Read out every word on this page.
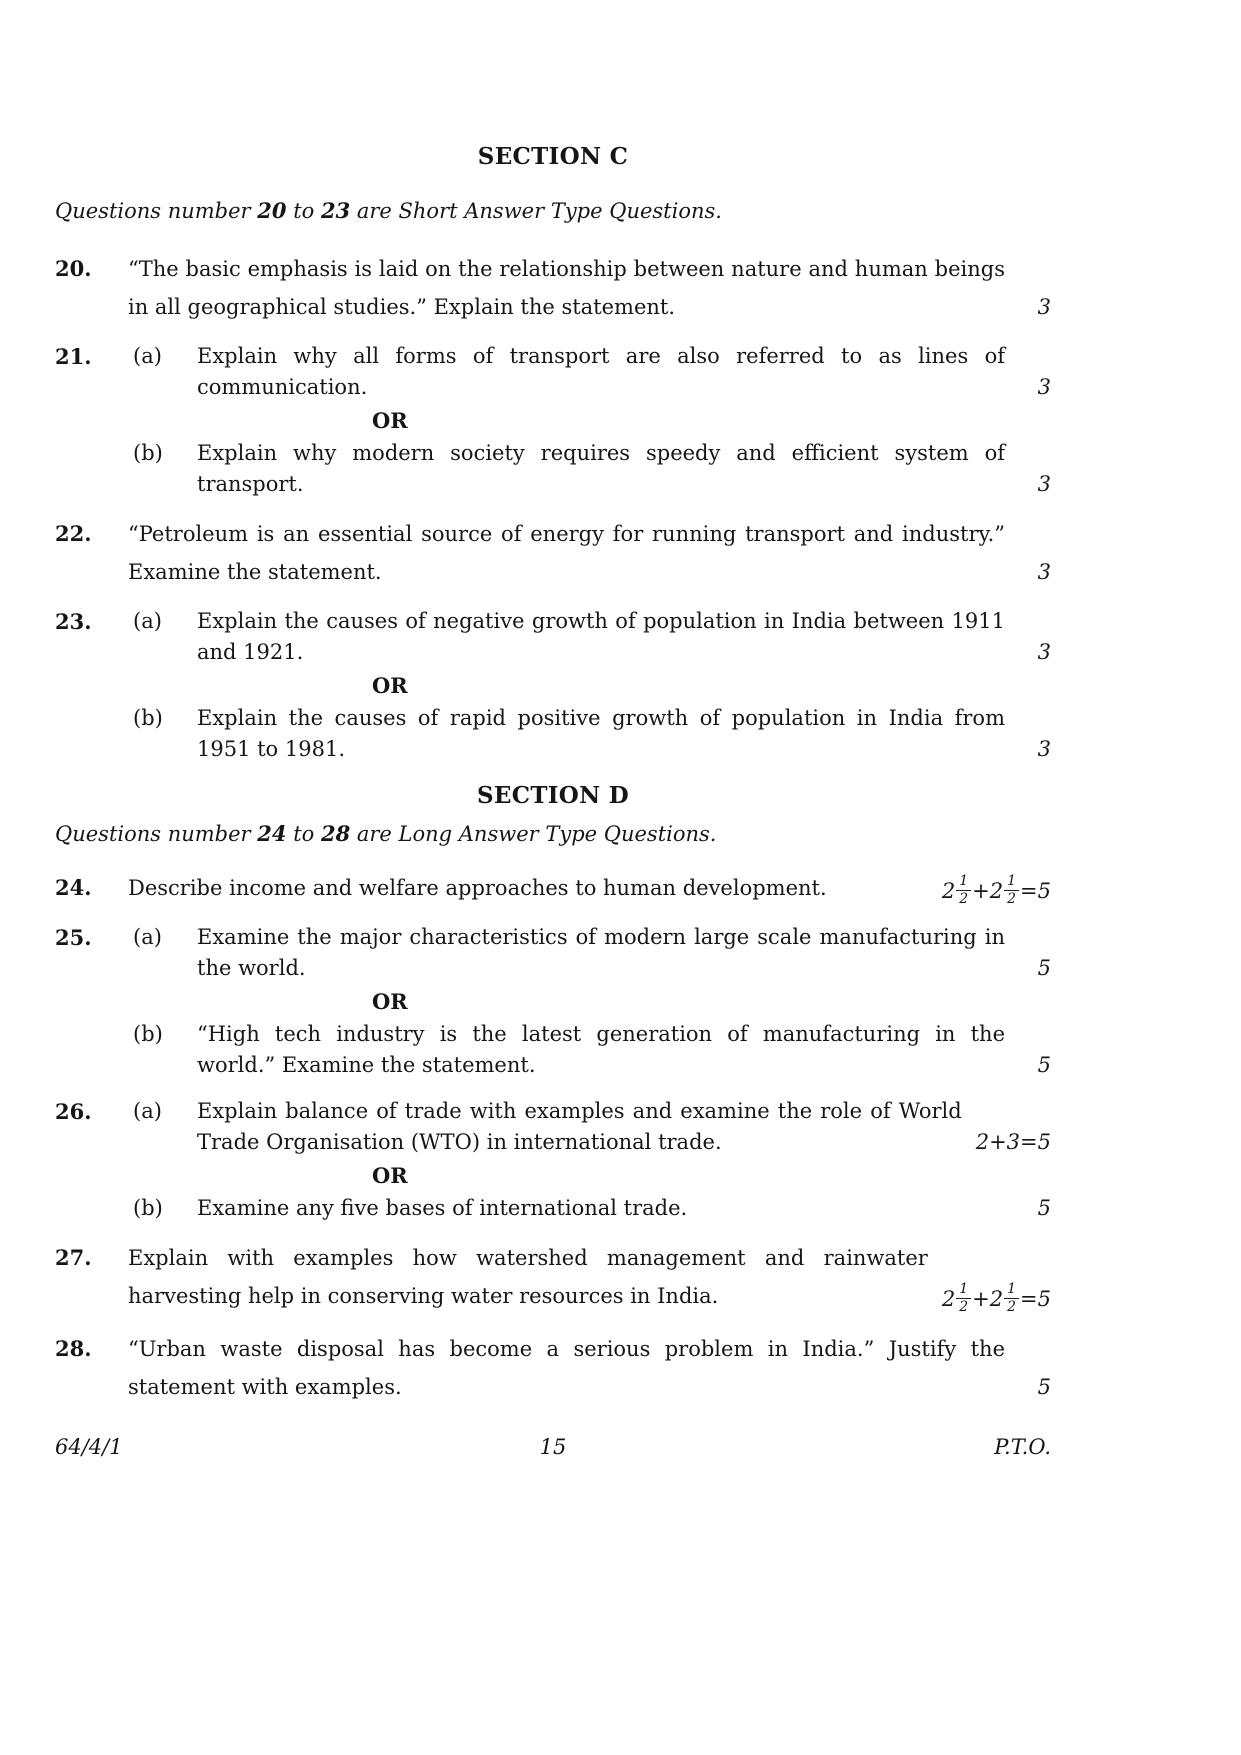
SECTION C

Questions number 20 to 23 are Short Answer Type Questions.

20.	“The basic emphasis is laid on the relationship between nature and human beings in all geographical studies.” Explain the statement.	3
21.	(a)	Explain why all forms of transport are also referred to as lines of communication.	3
OR
(b)	Explain why modern society requires speedy and efficient system of transport.	3
22.	“Petroleum is an essential source of energy for running transport and industry.” Examine the statement.	3
23.	(a)	Explain the causes of negative growth of population in India between 1911 and 1921.	3
OR
(b)	Explain the causes of rapid positive growth of population in India from 1951 to 1981.	3
SECTION D

Questions number 24 to 28 are Long Answer Type Questions.

24.	Describe income and welfare approaches to human development.	$2 \frac{1}{2} +2 \frac{1}{2} =5$
25.	(a)	Examine the major characteristics of modern large scale manufacturing in the world.	5
OR
(b)	“High tech industry is the latest generation of manufacturing in the world.” Examine the statement.	5
26.	(a)	Explain balance of trade with examples and examine the role of World Trade Organisation (WTO) in international trade.	2+3=5
OR
(b)	Examine any five bases of international trade.	5
27.	Explain with examples how watershed management and rainwater harvesting help in conserving water resources in India.	$2 \frac{1}{2} +2 \frac{1}{2} =5$
28.	“Urban waste disposal has become a serious problem in India.” Justify the statement with examples.	5
64/4/1	15	P.T.O.
